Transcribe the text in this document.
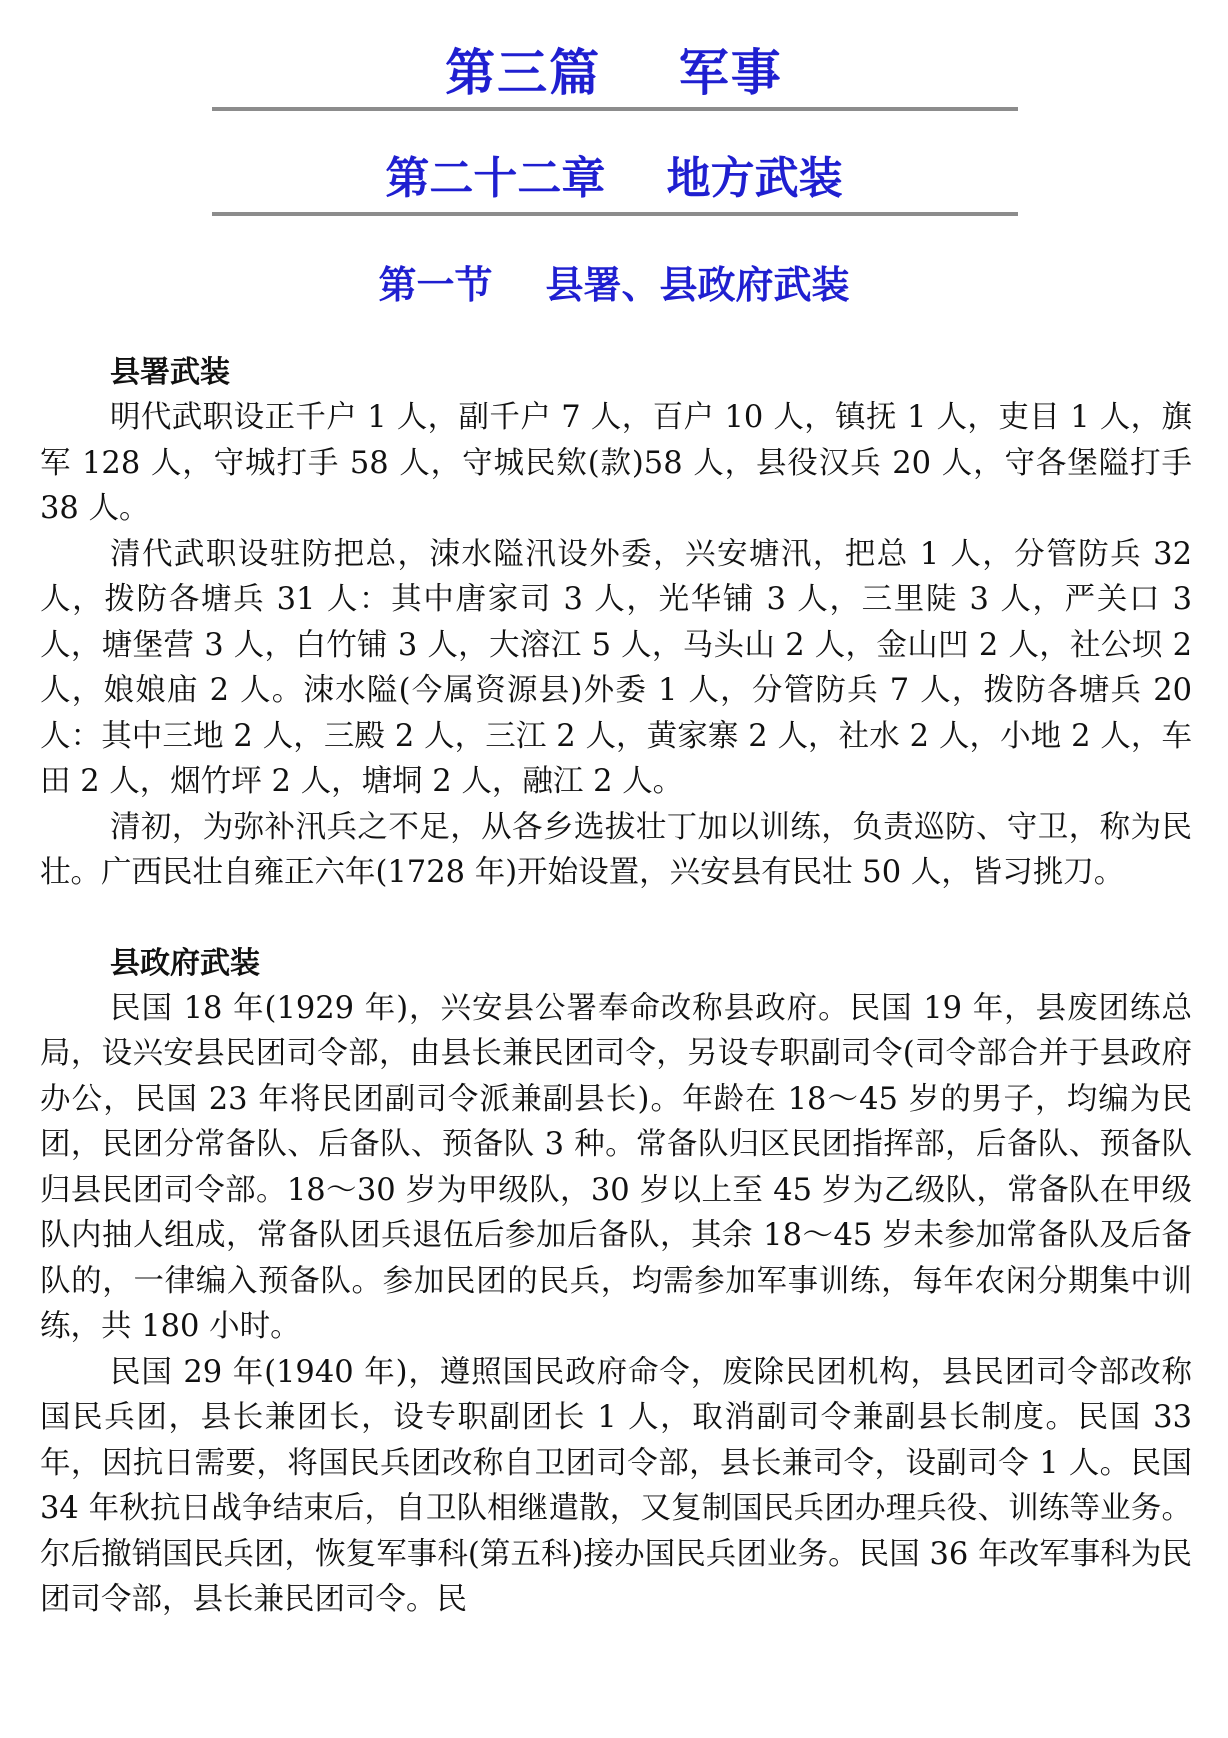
第三篇    军事
第二十二章    地方武装
第一节    县署、县政府武装

县署武装

明代武职设正千户 1 人，副千户 7 人，百户 10 人，镇抚 1 人，吏目 1 人，旗军 128 人，守城打手 58 人，守城民欸(款)58 人，县役汉兵 20 人，守各堡隘打手 38 人。

清代武职设驻防把总，洓水隘汛设外委，兴安塘汛，把总 1 人，分管防兵 32 人，拨防各塘兵 31 人：其中唐家司 3 人，光华铺 3 人，三里陡 3 人，严关口 3 人，塘堡营 3 人，白竹铺 3 人，大溶江 5 人，马头山 2 人，金山凹 2 人，社公坝 2 人，娘娘庙 2 人。洓水隘(今属资源县)外委 1 人，分管防兵 7 人，拨防各塘兵 20 人：其中三地 2 人，三殿 2 人，三江 2 人，黄家寨 2 人，社水 2 人，小地 2 人，车田 2 人，烟竹坪 2 人，塘垌 2 人，融江 2 人。

清初，为弥补汛兵之不足，从各乡选拔壮丁加以训练，负责巡防、守卫，称为民壮。广西民壮自雍正六年(1728 年)开始设置，兴安县有民壮 50 人，皆习挑刀。

县政府武装

民国 18 年(1929 年)，兴安县公署奉命改称县政府。民国 19 年，县废团练总局，设兴安县民团司令部，由县长兼民团司令，另设专职副司令(司令部合并于县政府办公，民国 23 年将民团副司令派兼副县长)。年龄在 18～45 岁的男子，均编为民团，民团分常备队、后备队、预备队 3 种。常备队归区民团指挥部，后备队、预备队归县民团司令部。18～30 岁为甲级队，30 岁以上至 45 岁为乙级队，常备队在甲级队内抽人组成，常备队团兵退伍后参加后备队，其余 18～45 岁未参加常备队及后备队的，一律编入预备队。参加民团的民兵，均需参加军事训练，每年农闲分期集中训练，共 180 小时。

民国 29 年(1940 年)，遵照国民政府命令，废除民团机构，县民团司令部改称国民兵团，县长兼团长，设专职副团长 1 人，取消副司令兼副县长制度。民国 33 年，因抗日需要，将国民兵团改称自卫团司令部，县长兼司令，设副司令 1 人。民国 34 年秋抗日战争结束后，自卫队相继遣散，又复制国民兵团办理兵役、训练等业务。尔后撤销国民兵团，恢复军事科(第五科)接办国民兵团业务。民国 36 年改军事科为民团司令部，县长兼民团司令。民
